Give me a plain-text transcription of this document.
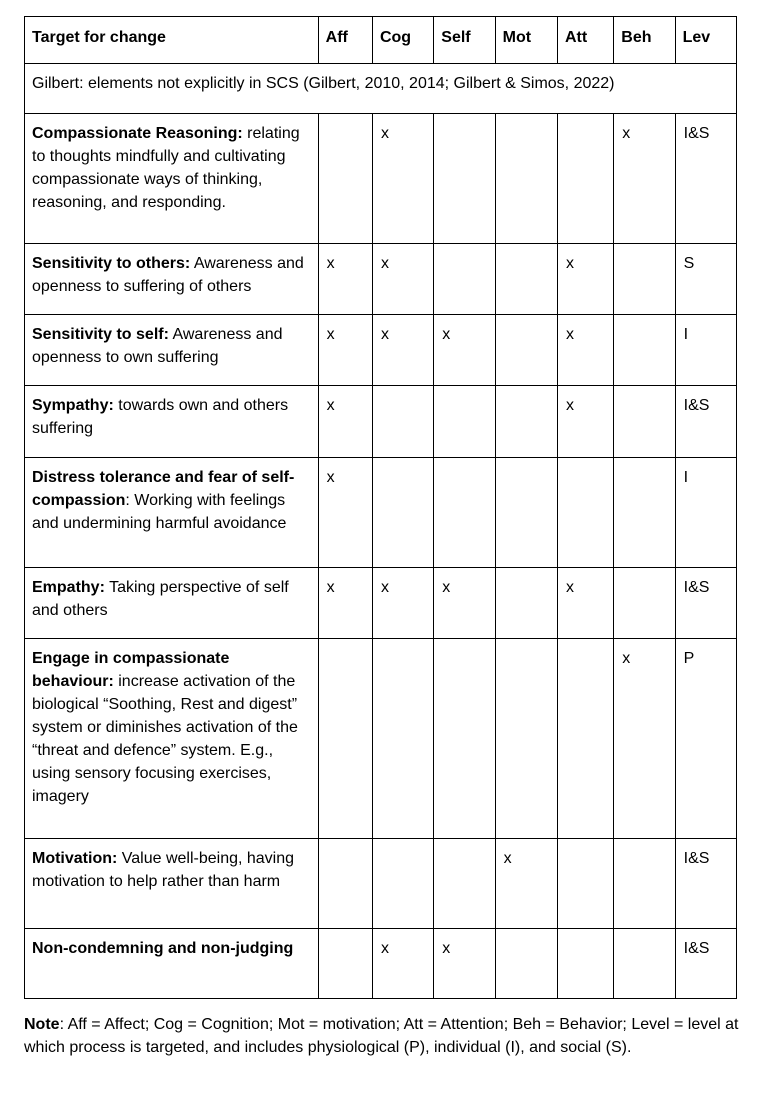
Target for change	Aff	Cog	Self	Mot	Att	Beh	Lev
Gilbert: elements not explicitly in SCS (Gilbert, 2010, 2014; Gilbert & Simos, 2022)							
Compassionate Reasoning: relating to thoughts mindfully and cultivating compassionate ways of thinking, reasoning, and responding.		x				x	I&S
Sensitivity to others: Awareness and openness to suffering of others	x	x			x		S
Sensitivity to self: Awareness and openness to own suffering	x	x	x		x		I
Sympathy: towards own and others suffering	x				x		I&S
Distress tolerance and fear of self-compassion: Working with feelings and undermining harmful avoidance	x						I
Empathy: Taking perspective of self and others	x	x	x		x		I&S
Engage in compassionate behaviour: increase activation of the biological “Soothing, Rest and digest” system or diminishes activation of the “threat and defence” system. E.g., using sensory focusing exercises, imagery						x	P
Motivation: Value well-being, having motivation to help rather than harm				x			I&S
Non-condemning and non-judging		x	x				I&S
Note: Aff = Affect; Cog = Cognition; Mot = motivation; Att = Attention; Beh = Behavior; Level = level at which process is targeted, and includes physiological (P), individual (I), and social (S).
